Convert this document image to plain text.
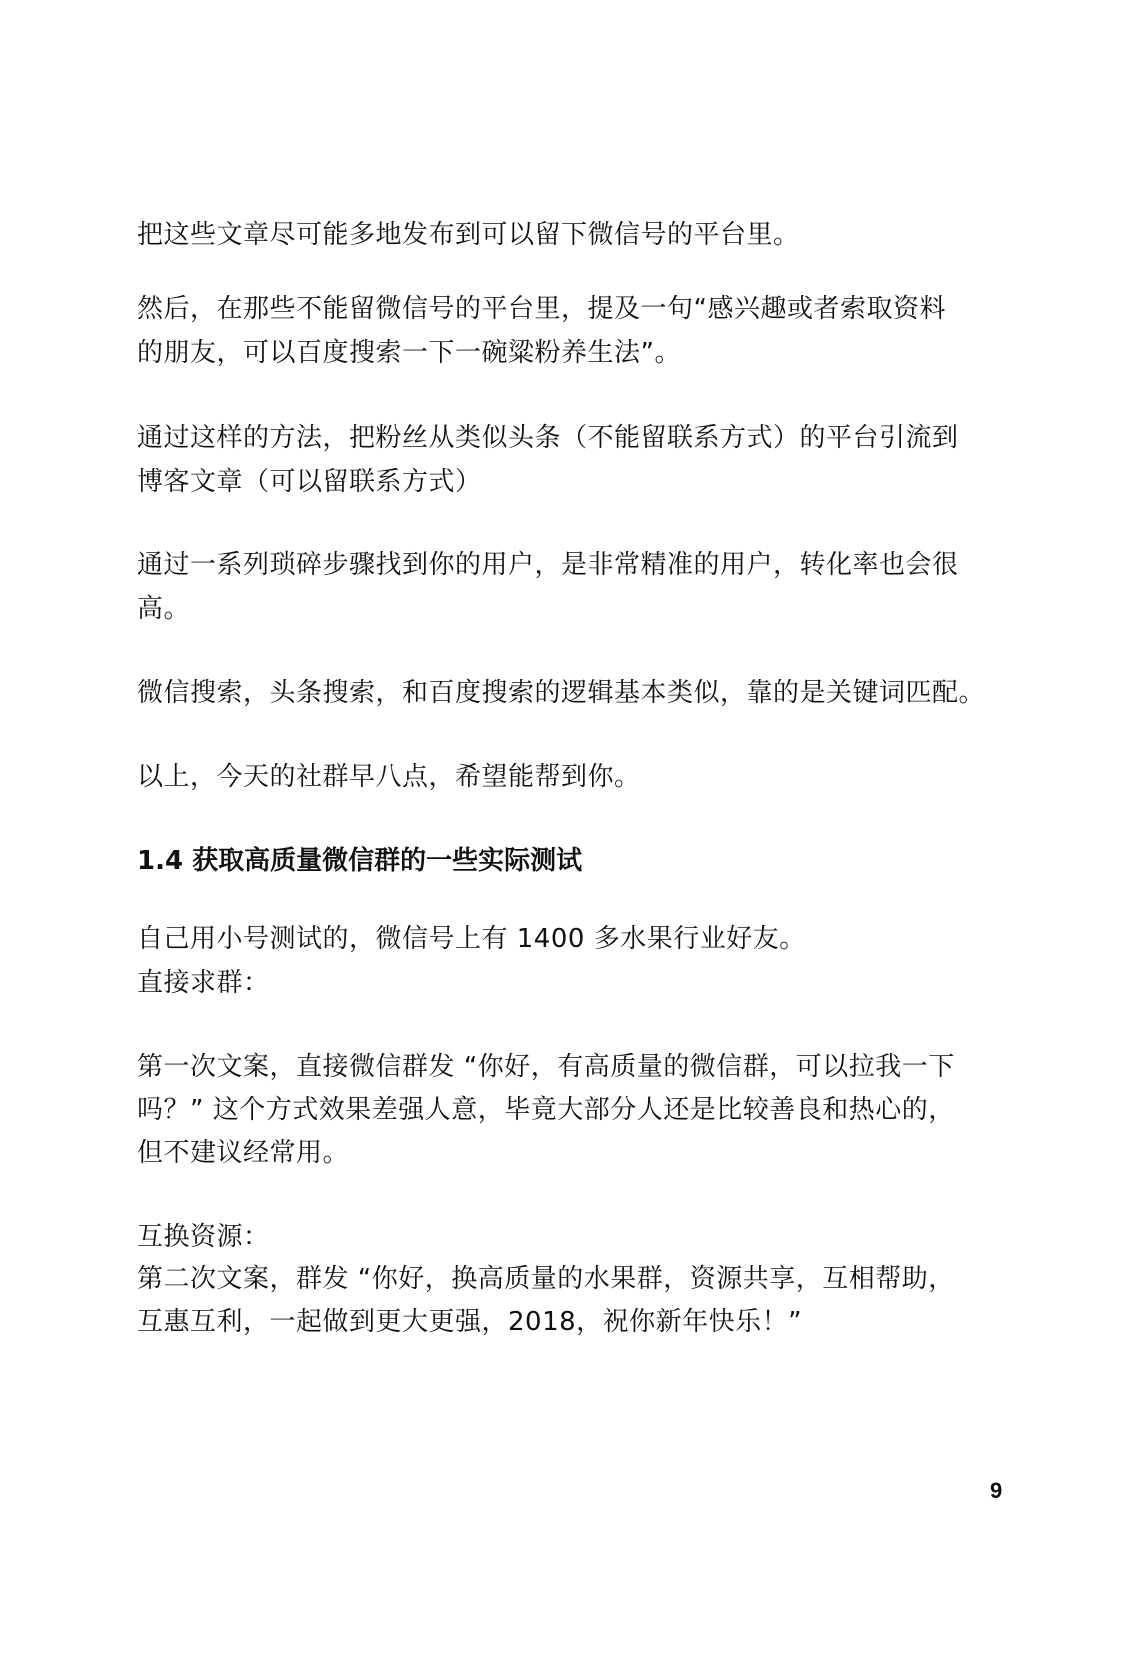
把这些文章尽可能多地发布到可以留下微信号的平台里。
然后，在那些不能留微信号的平台里，提及一句“感兴趣或者索取资料
的朋友，可以百度搜索一下一碗粱粉养生法”。
通过这样的方法，把粉丝从类似头条（不能留联系方式）的平台引流到
博客文章（可以留联系方式）
通过一系列琐碎步骤找到你的用户，是非常精准的用户，转化率也会很
高。
微信搜索，头条搜索，和百度搜索的逻辑基本类似，靠的是关键词匹配。
以上，今天的社群早八点，希望能帮到你。
1.4 获取高质量微信群的一些实际测试
自己用小号测试的，微信号上有 1400 多水果行业好友。
直接求群：
第一次文案，直接微信群发 “你好，有高质量的微信群，可以拉我一下
吗？” 这个方式效果差强人意，毕竟大部分人还是比较善良和热心的，
但不建议经常用。
互换资源：
第二次文案，群发 “你好，换高质量的水果群，资源共享，互相帮助，
互惠互利，一起做到更大更强，2018，祝你新年快乐！”
9
